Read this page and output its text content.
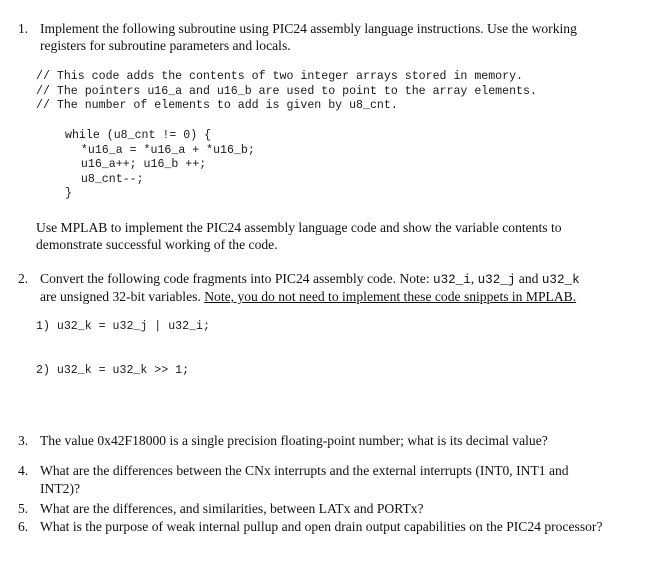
1. Implement the following subroutine using PIC24 assembly language instructions. Use the working
registers for subroutine parameters and locals.
// This code adds the contents of two integer arrays stored in memory.
// The pointers u16_a and u16_b are used to point to the array elements.
// The number of elements to add is given by u8_cnt.
while (u8_cnt != 0) {
*u16_a = *u16_a + *u16_b;
u16_a++; u16_b ++;
u8_cnt--;
}
Use MPLAB to implement the PIC24 assembly language code and show the variable contents to
demonstrate successful working of the code.
2. Convert the following code fragments into PIC24 assembly code. Note: u32_i, u32_j and u32_k
are unsigned 32-bit variables. Note, you do not need to implement these code snippets in MPLAB.
1) u32_k = u32_j | u32_i;
2) u32_k = u32_k >> 1;
3. The value 0x42F18000 is a single precision floating-point number; what is its decimal value?
4. What are the differences between the CNx interrupts and the external interrupts (INT0, INT1 and
INT2)?
5. What are the differences, and similarities, between LATx and PORTx?
6. What is the purpose of weak internal pullup and open drain output capabilities on the PIC24 processor?
